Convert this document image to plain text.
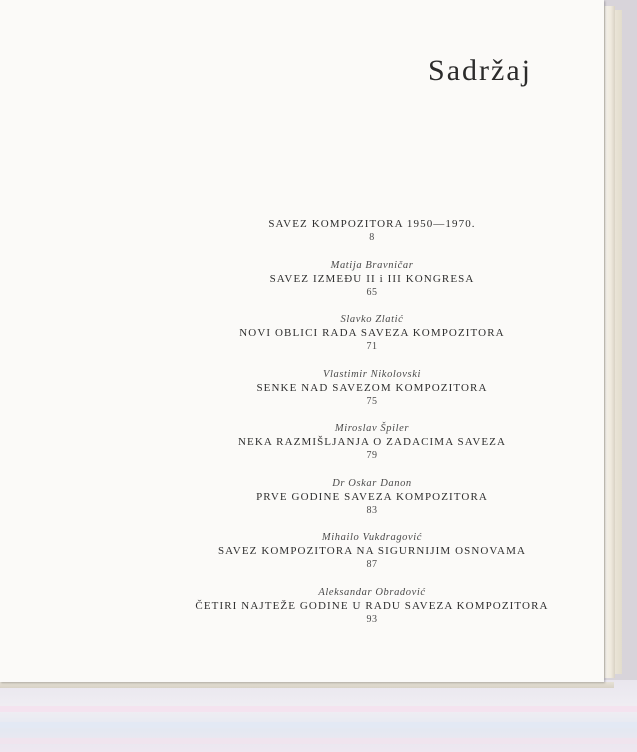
Sadržaj
SAVEZ KOMPOZITORA 1950—1970.
8
Matija Bravničar
SAVEZ IZMEĐU II i III KONGRESA
65
Slavko Zlatić
NOVI OBLICI RADA SAVEZA KOMPOZITORA
71
Vlastimir Nikolovski
SENKE NAD SAVEZOM KOMPOZITORA
75
Miroslav Špiler
NEKA RAZMIŠLJANJA O ZADACIMA SAVEZA
79
Dr Oskar Danon
PRVE GODINE SAVEZA KOMPOZITORA
83
Mihailo Vukdragović
SAVEZ KOMPOZITORA NA SIGURNIJIM OSNOVAMA
87
Aleksandar Obradović
ČETIRI NAJTEŽE GODINE U RADU SAVEZA KOMPOZITORA
93
